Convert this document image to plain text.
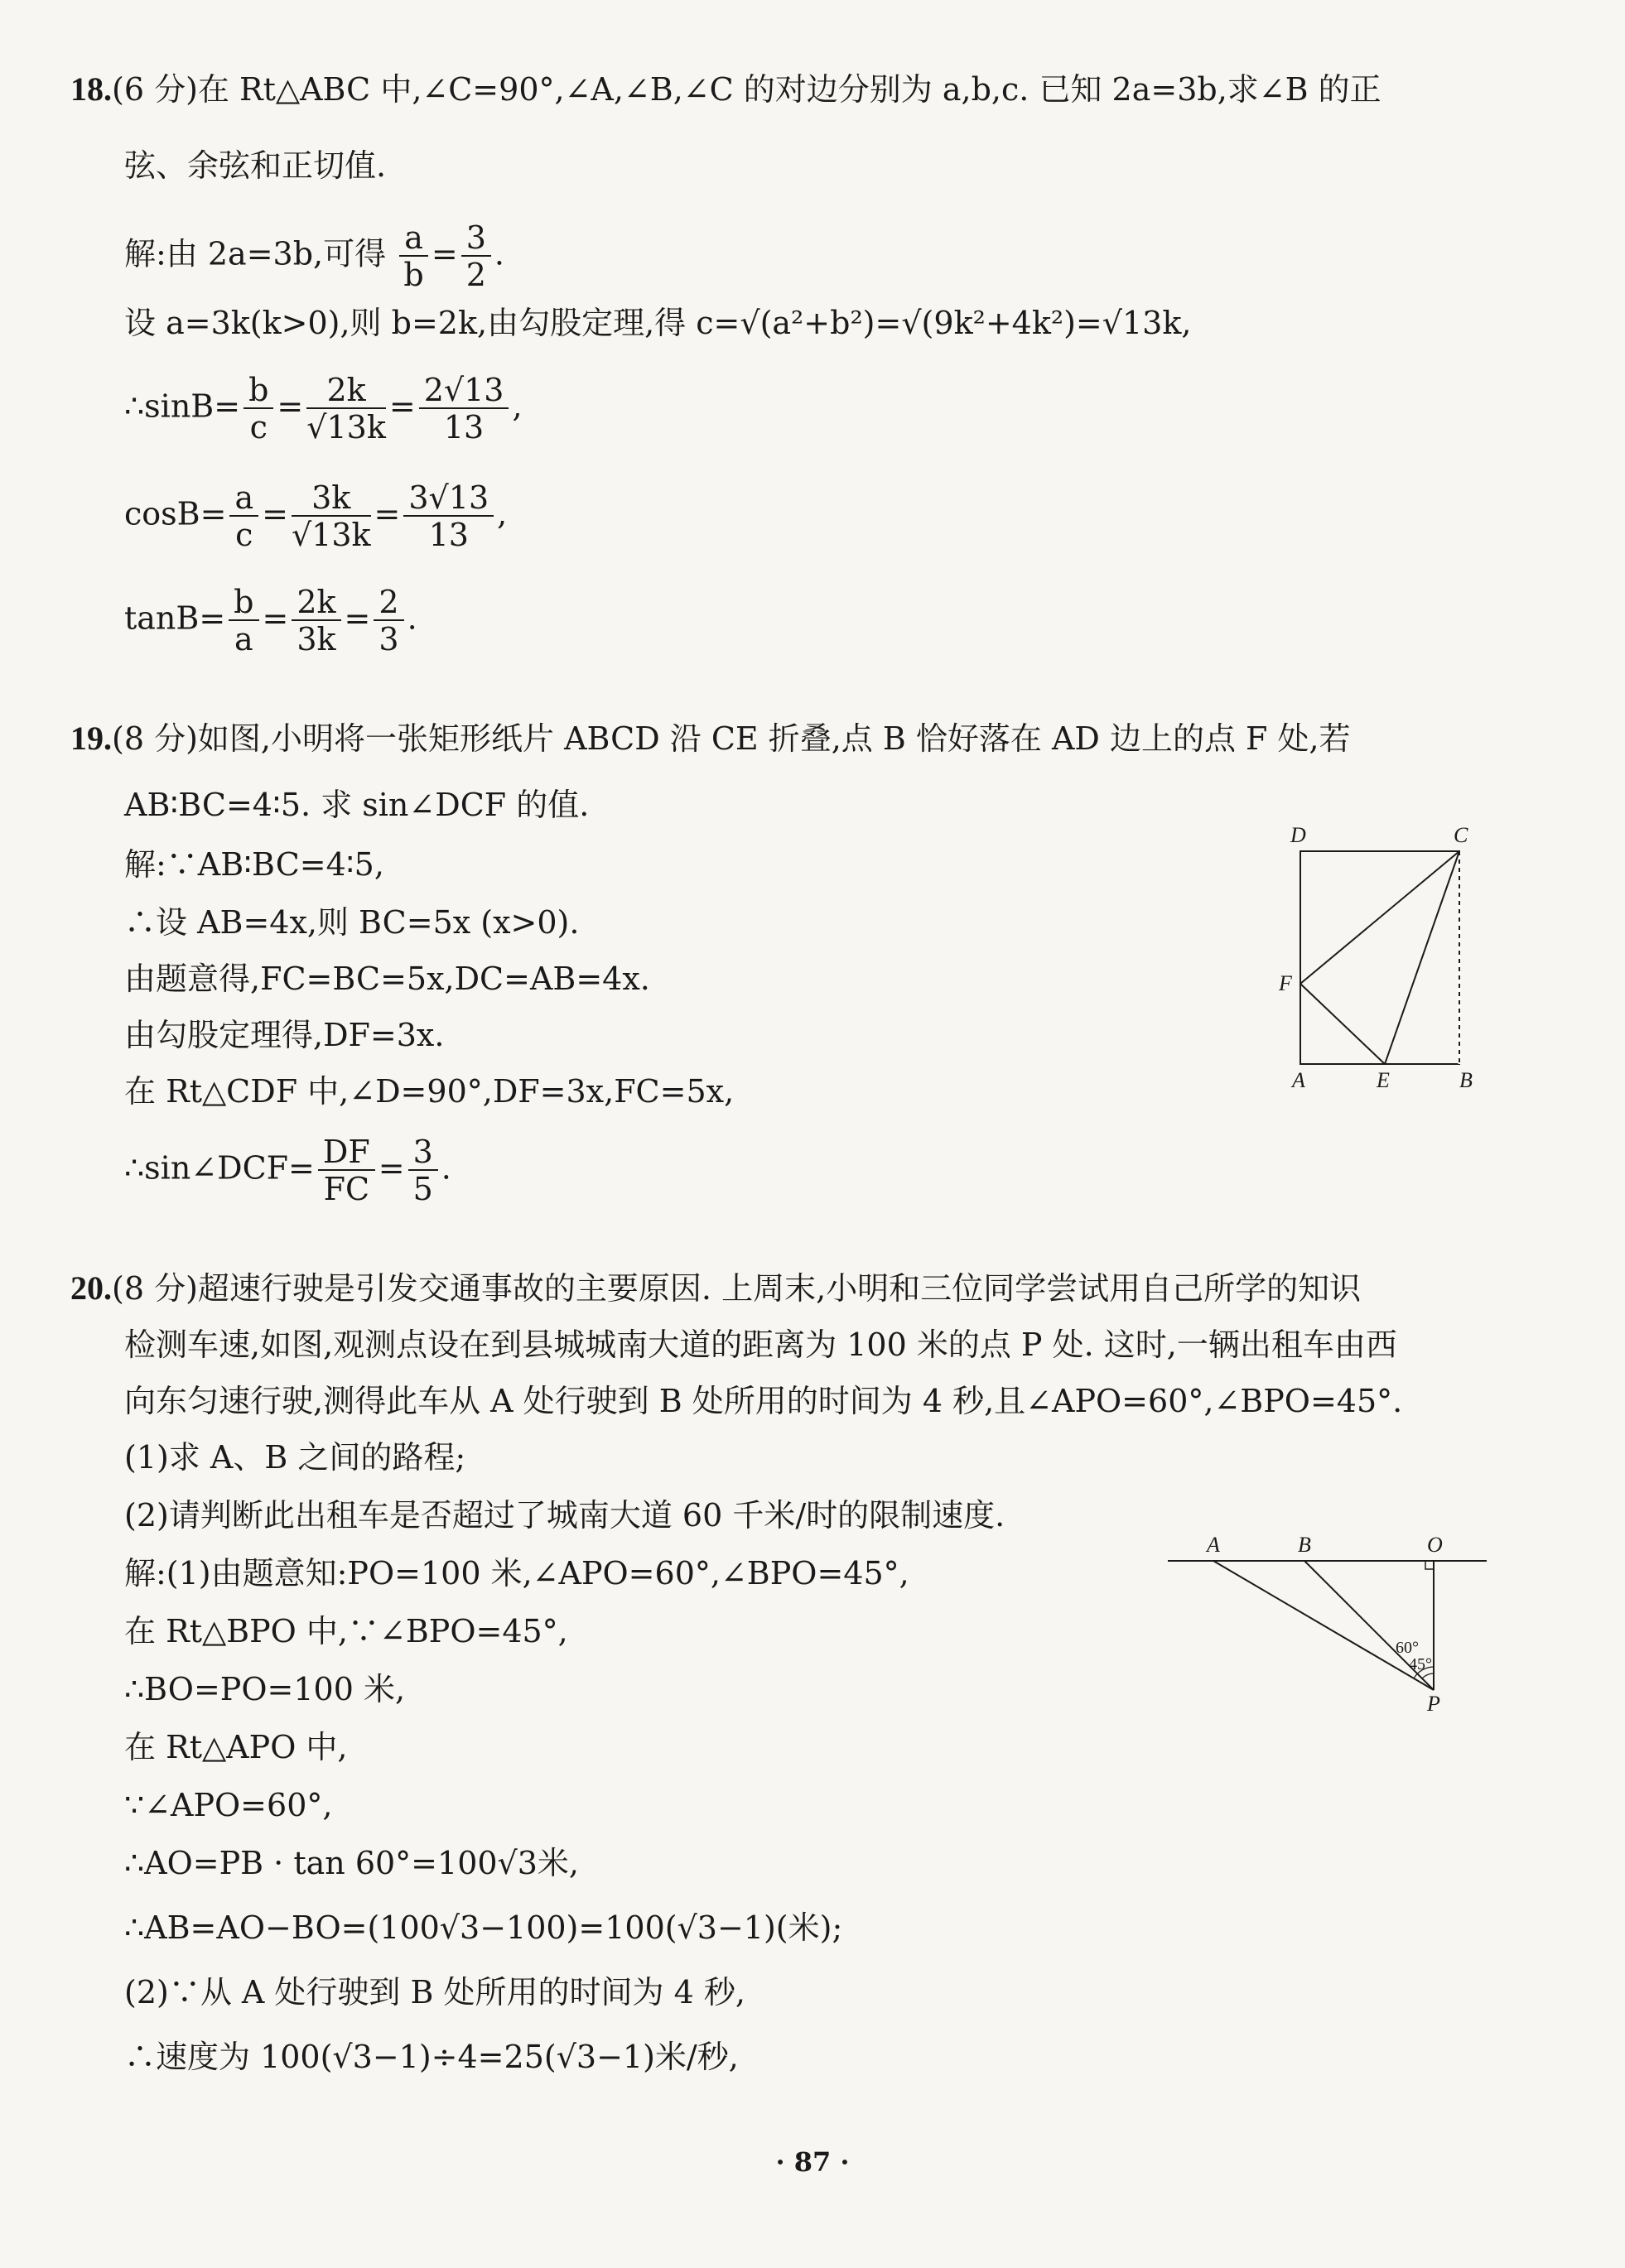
18.(6 分)在 Rt△ABC 中,∠C=90°,∠A,∠B,∠C 的对边分别为 a,b,c. 已知 2a=3b,求∠B 的正
弦、余弦和正切值.
解:由 2a=3b,可得 $\frac{a}{b} = \frac{3}{2}$ .
设 a=3k(k>0),则 b=2k,由勾股定理,得 c=√(a²+b²)=√(9k²+4k²)=√13k,
∴sinB= $\frac{b}{c} = \frac{2k}{√13k} = \frac{2√13}{13}$ ,
$\cos B= \frac{a}{c} = \frac{3k}{√13k} = \frac{3√13}{13}$ ,
$\tan B= \frac{b}{a} = \frac{2k}{3k} = \frac{2}{3}$ .
19.(8 分)如图,小明将一张矩形纸片 ABCD 沿 CE 折叠,点 B 恰好落在 AD 边上的点 F 处,若
AB∶BC=4∶5. 求 sin∠DCF 的值.
解:∵AB∶BC=4∶5,
∴设 AB=4x,则 BC=5x (x>0).
由题意得,FC=BC=5x,DC=AB=4x.
由勾股定理得,DF=3x.
在 Rt△CDF 中,∠D=90°,DF=3x,FC=5x,
∴sin∠DCF= $\frac{DF}{FC} = \frac{3}{5}$ .
D	C
F
A	E	B
20.(8 分)超速行驶是引发交通事故的主要原因. 上周末,小明和三位同学尝试用自己所学的知识
检测车速,如图,观测点设在到县城城南大道的距离为 100 米的点 P 处. 这时,一辆出租车由西
向东匀速行驶,测得此车从 A 处行驶到 B 处所用的时间为 4 秒,且∠APO=60°,∠BPO=45°.
(1)求 A、B 之间的路程;
(2)请判断此出租车是否超过了城南大道 60 千米/时的限制速度.
解:(1)由题意知:PO=100 米,∠APO=60°,∠BPO=45°,
在 Rt△BPO 中,∵∠BPO=45°,
∴BO=PO=100 米,
在 Rt△APO 中,
∵∠APO=60°,
∴AO=PB · tan 60°=100√3米,
∴AB=AO−BO=(100√3−100)=100(√3−1)(米);
(2)∵从 A 处行驶到 B 处所用的时间为 4 秒,
∴速度为 100(√3−1)÷4=25(√3−1)米/秒,
A	B	O
P
60°
45°
· 87 ·
